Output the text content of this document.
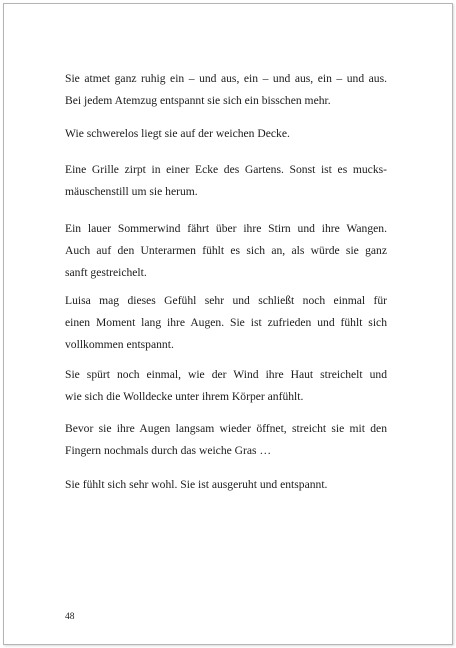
Sie atmet ganz ruhig ein – und aus, ein – und aus, ein – und aus.
Bei jedem Atemzug entspannt sie sich ein bisschen mehr.

Wie schwerelos liegt sie auf der weichen Decke.

Eine Grille zirpt in einer Ecke des Gartens. Sonst ist es mucks-
mäuschenstill um sie herum.

Ein lauer Sommerwind fährt über ihre Stirn und ihre Wangen.
Auch auf den Unterarmen fühlt es sich an, als würde sie ganz
sanft gestreichelt.

Luisa mag dieses Gefühl sehr und schließt noch einmal für
einen Moment lang ihre Augen. Sie ist zufrieden und fühlt sich
vollkommen entspannt.

Sie spürt noch einmal, wie der Wind ihre Haut streichelt und
wie sich die Wolldecke unter ihrem Körper anfühlt.

Bevor sie ihre Augen langsam wieder öffnet, streicht sie mit den
Fingern nochmals durch das weiche Gras …

Sie fühlt sich sehr wohl. Sie ist ausgeruht und entspannt.

48
